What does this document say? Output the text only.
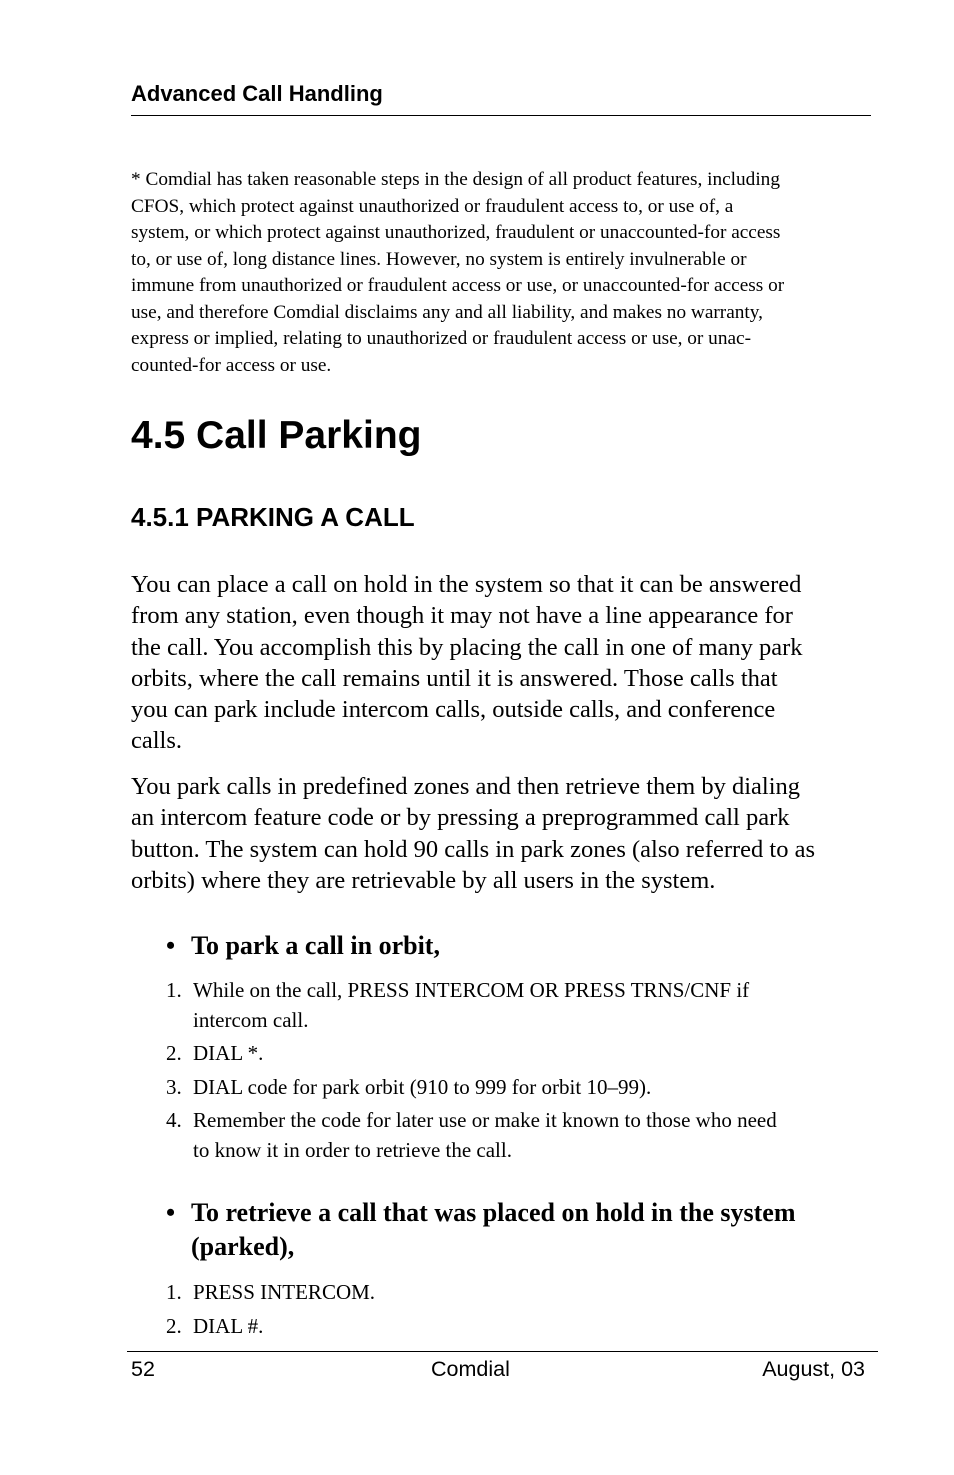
Advanced Call Handling
* Comdial has taken reasonable steps in the design of all product features, including
CFOS, which protect against unauthorized or fraudulent access to, or use of, a
system, or which protect against unauthorized, fraudulent or unaccounted-for access
to, or use of, long distance lines. However, no system is entirely invulnerable or
immune from unauthorized or fraudulent access or use, or unaccounted-for access or
use, and therefore Comdial disclaims any and all liability, and makes no warranty,
express or implied, relating to unauthorized or fraudulent access or use, or unac-
counted-for access or use.
4.5 Call Parking
4.5.1 PARKING A CALL
You can place a call on hold in the system so that it can be answered
from any station, even though it may not have a line appearance for
the call. You accomplish this by placing the call in one of many park
orbits, where the call remains until it is answered. Those calls that
you can park include intercom calls, outside calls, and conference
calls.
You park calls in predefined zones and then retrieve them by dialing
an intercom feature code or by pressing a preprogrammed call park
button. The system can hold 90 calls in park zones (also referred to as
orbits) where they are retrievable by all users in the system.
• To park a call in orbit,
1. While on the call, PRESS INTERCOM OR PRESS TRNS/CNF if
intercom call.
2. DIAL *.
3. DIAL code for park orbit (910 to 999 for orbit 10–99).
4. Remember the code for later use or make it known to those who need
to know it in order to retrieve the call.
• To retrieve a call that was placed on hold in the system
(parked),
1. PRESS INTERCOM.
2. DIAL #.
52	Comdial	August, 03
